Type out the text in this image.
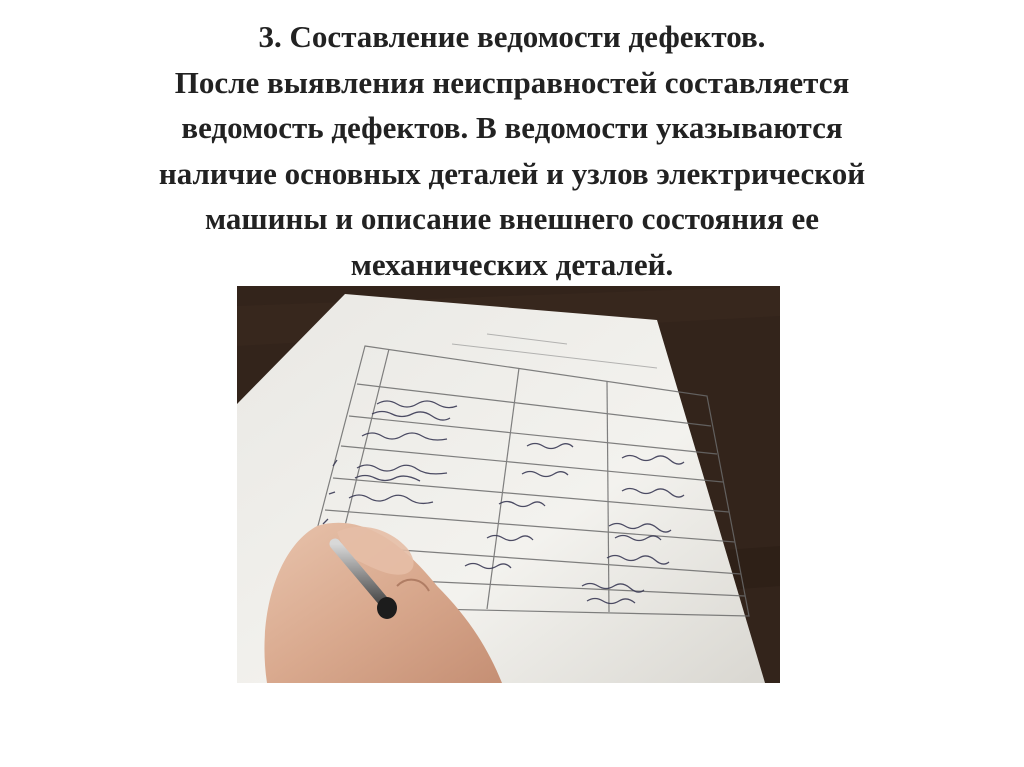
3. Составление ведомости дефектов.
После выявления неисправностей составляется
ведомость дефектов. В ведомости указываются
наличие основных деталей и узлов электрической
машины и описание внешнего состояния ее
механических деталей.
